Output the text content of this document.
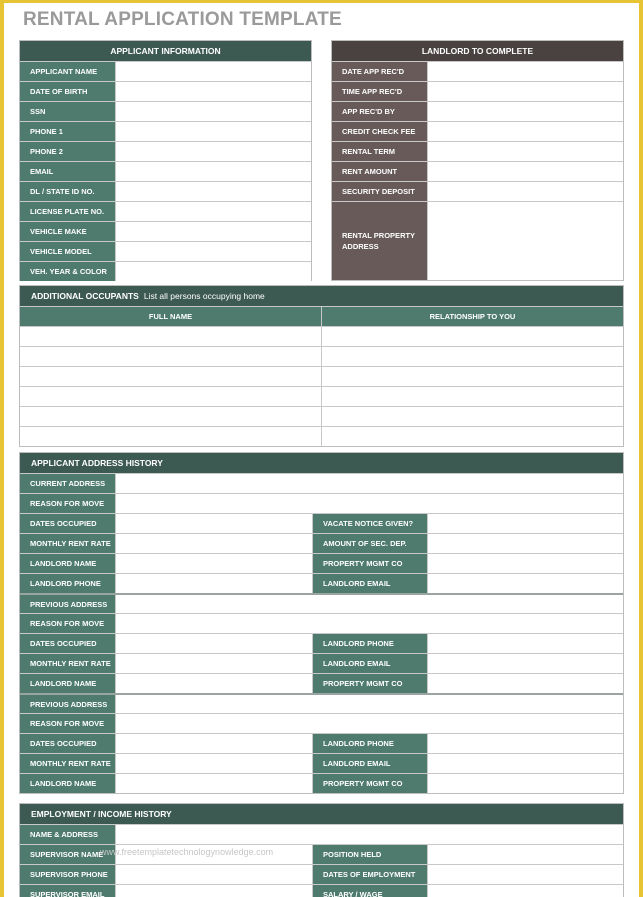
RENTAL APPLICATION TEMPLATE
APPLICANT INFORMATION
APPLICANT NAME
DATE OF BIRTH
SSN
PHONE 1
PHONE 2
EMAIL
DL / STATE ID NO.
LICENSE PLATE NO.
VEHICLE MAKE
VEHICLE MODEL
VEH. YEAR & COLOR
LANDLORD TO COMPLETE
DATE APP REC'D
TIME APP REC'D
APP REC'D BY
CREDIT CHECK FEE
RENTAL TERM
RENT AMOUNT
SECURITY DEPOSIT
RENTAL PROPERTY
ADDRESS
ADDITIONAL OCCUPANTS List all persons occupying home
FULL NAME	RELATIONSHIP TO YOU
APPLICANT ADDRESS HISTORY
CURRENT ADDRESS
REASON FOR MOVE
DATES OCCUPIED	VACATE NOTICE GIVEN?
MONTHLY RENT RATE	AMOUNT OF SEC. DEP.
LANDLORD NAME	PROPERTY MGMT CO
LANDLORD PHONE	LANDLORD EMAIL
PREVIOUS ADDRESS
REASON FOR MOVE
DATES OCCUPIED	LANDLORD PHONE
MONTHLY RENT RATE	LANDLORD EMAIL
LANDLORD NAME	PROPERTY MGMT CO
PREVIOUS ADDRESS
REASON FOR MOVE
DATES OCCUPIED	LANDLORD PHONE
MONTHLY RENT RATE	LANDLORD EMAIL
LANDLORD NAME	PROPERTY MGMT CO
EMPLOYMENT / INCOME HISTORY
NAME & ADDRESS
SUPERVISOR NAME	POSITION HELD
SUPERVISOR PHONE	DATES OF EMPLOYMENT
SUPERVISOR EMAIL	SALARY / WAGE
www.freetemplatetechnologynowledge.com
